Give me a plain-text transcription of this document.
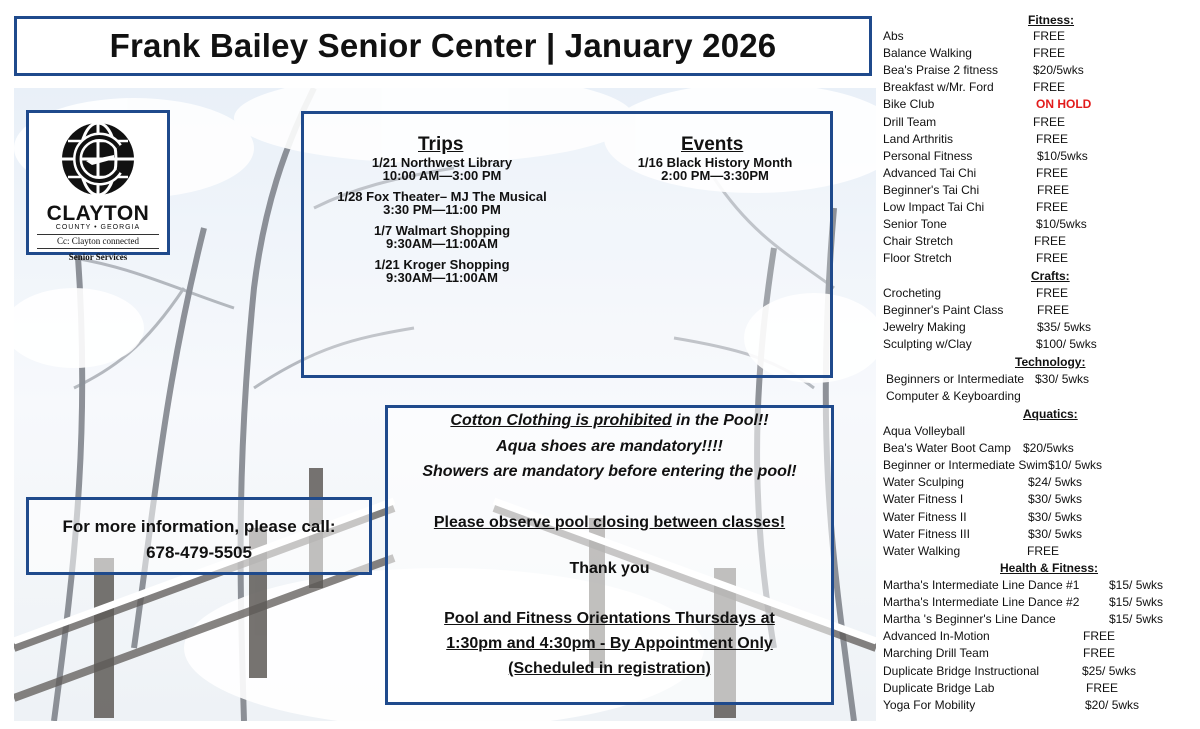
Frank Bailey Senior Center | January 2026
CLAYTON
COUNTY • GEORGIA
Cc: Clayton connected
Senior Services
Trips
1/21 Northwest Library
10:00 AM—3:00 PM
1/28 Fox Theater– MJ The Musical
3:30 PM—11:00 PM
1/7 Walmart Shopping
9:30AM—11:00AM
1/21 Kroger Shopping
9:30AM—11:00AM
Events
1/16 Black History Month
2:00 PM—3:30PM
For more information, please call:
678-479-5505
Cotton Clothing is prohibited in the Pool!!
Aqua shoes are mandatory!!!!
Showers are mandatory before entering the pool!
Please observe pool closing between classes!
Thank you
Pool and Fitness Orientations Thursdays at
1:30pm and 4:30pm - By Appointment Only
(Scheduled in registration)
Fitness:
Abs	FREE
Balance Walking	FREE
Bea's Praise 2 fitness	$20/5wks
Breakfast w/Mr. Ford	FREE
Bike Club	ON HOLD
Drill Team	FREE
Land Arthritis	FREE
Personal Fitness	$10/5wks
Advanced Tai Chi	FREE
Beginner's Tai Chi	FREE
Low Impact Tai Chi	FREE
Senior Tone	$10/5wks
Chair Stretch	FREE
Floor Stretch	FREE
Crafts:
Crocheting	FREE
Beginner's Paint Class	FREE
Jewelry Making	$35/ 5wks
Sculpting w/Clay	$100/ 5wks
Technology:
Beginners or Intermediate $30/ 5wks
Computer & Keyboarding
Aquatics:
Aqua Volleyball
Bea's Water Boot Camp $20/5wks
Beginner or Intermediate Swim $10/ 5wks
Water Sculping	$24/ 5wks
Water Fitness I	$30/ 5wks
Water Fitness II	$30/ 5wks
Water Fitness III	$30/ 5wks
Water Walking	FREE
Health & Fitness:
Martha's Intermediate Line Dance #1 $15/ 5wks
Martha's Intermediate Line Dance #2 $15/ 5wks
Martha 's Beginner's Line Dance	$15/ 5wks
Advanced In-Motion	FREE
Marching Drill Team	FREE
Duplicate Bridge Instructional	$25/ 5wks
Duplicate Bridge Lab	FREE
Yoga For Mobility	$20/ 5wks
